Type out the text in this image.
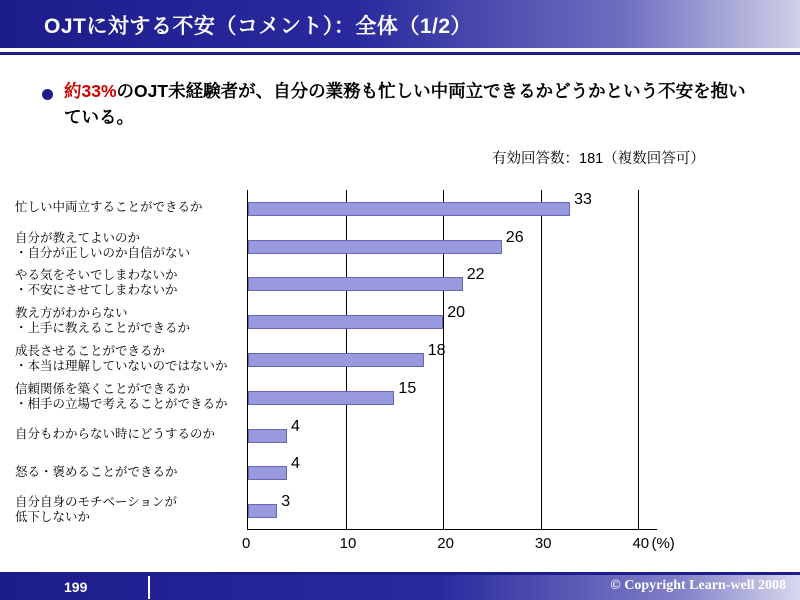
OJTに対する不安（コメント）：全体（1/2）
約33%のOJT未経験者が、自分の業務も忙しい中両立できるかどうかという不安を抱いている。
有効回答数：181（複数回答可）
33
26
22
20
18
15
4
4
3
忙しい中両立することができるか
自分が教えてよいのか
・自分が正しいのか自信がない
やる気をそいでしまわないか
・不安にさせてしまわないか
教え方がわからない
・上手に教えることができるか
成長させることができるか
・本当は理解していないのではないか
信頼関係を築くことができるか
・相手の立場で考えることができるか
自分もわからない時にどうするのか
怒る・褒めることができるか
自分自身のモチベーションが
低下しないか
0	10	20	30	40 (%)
199	© Copyright Learn-well 2008
